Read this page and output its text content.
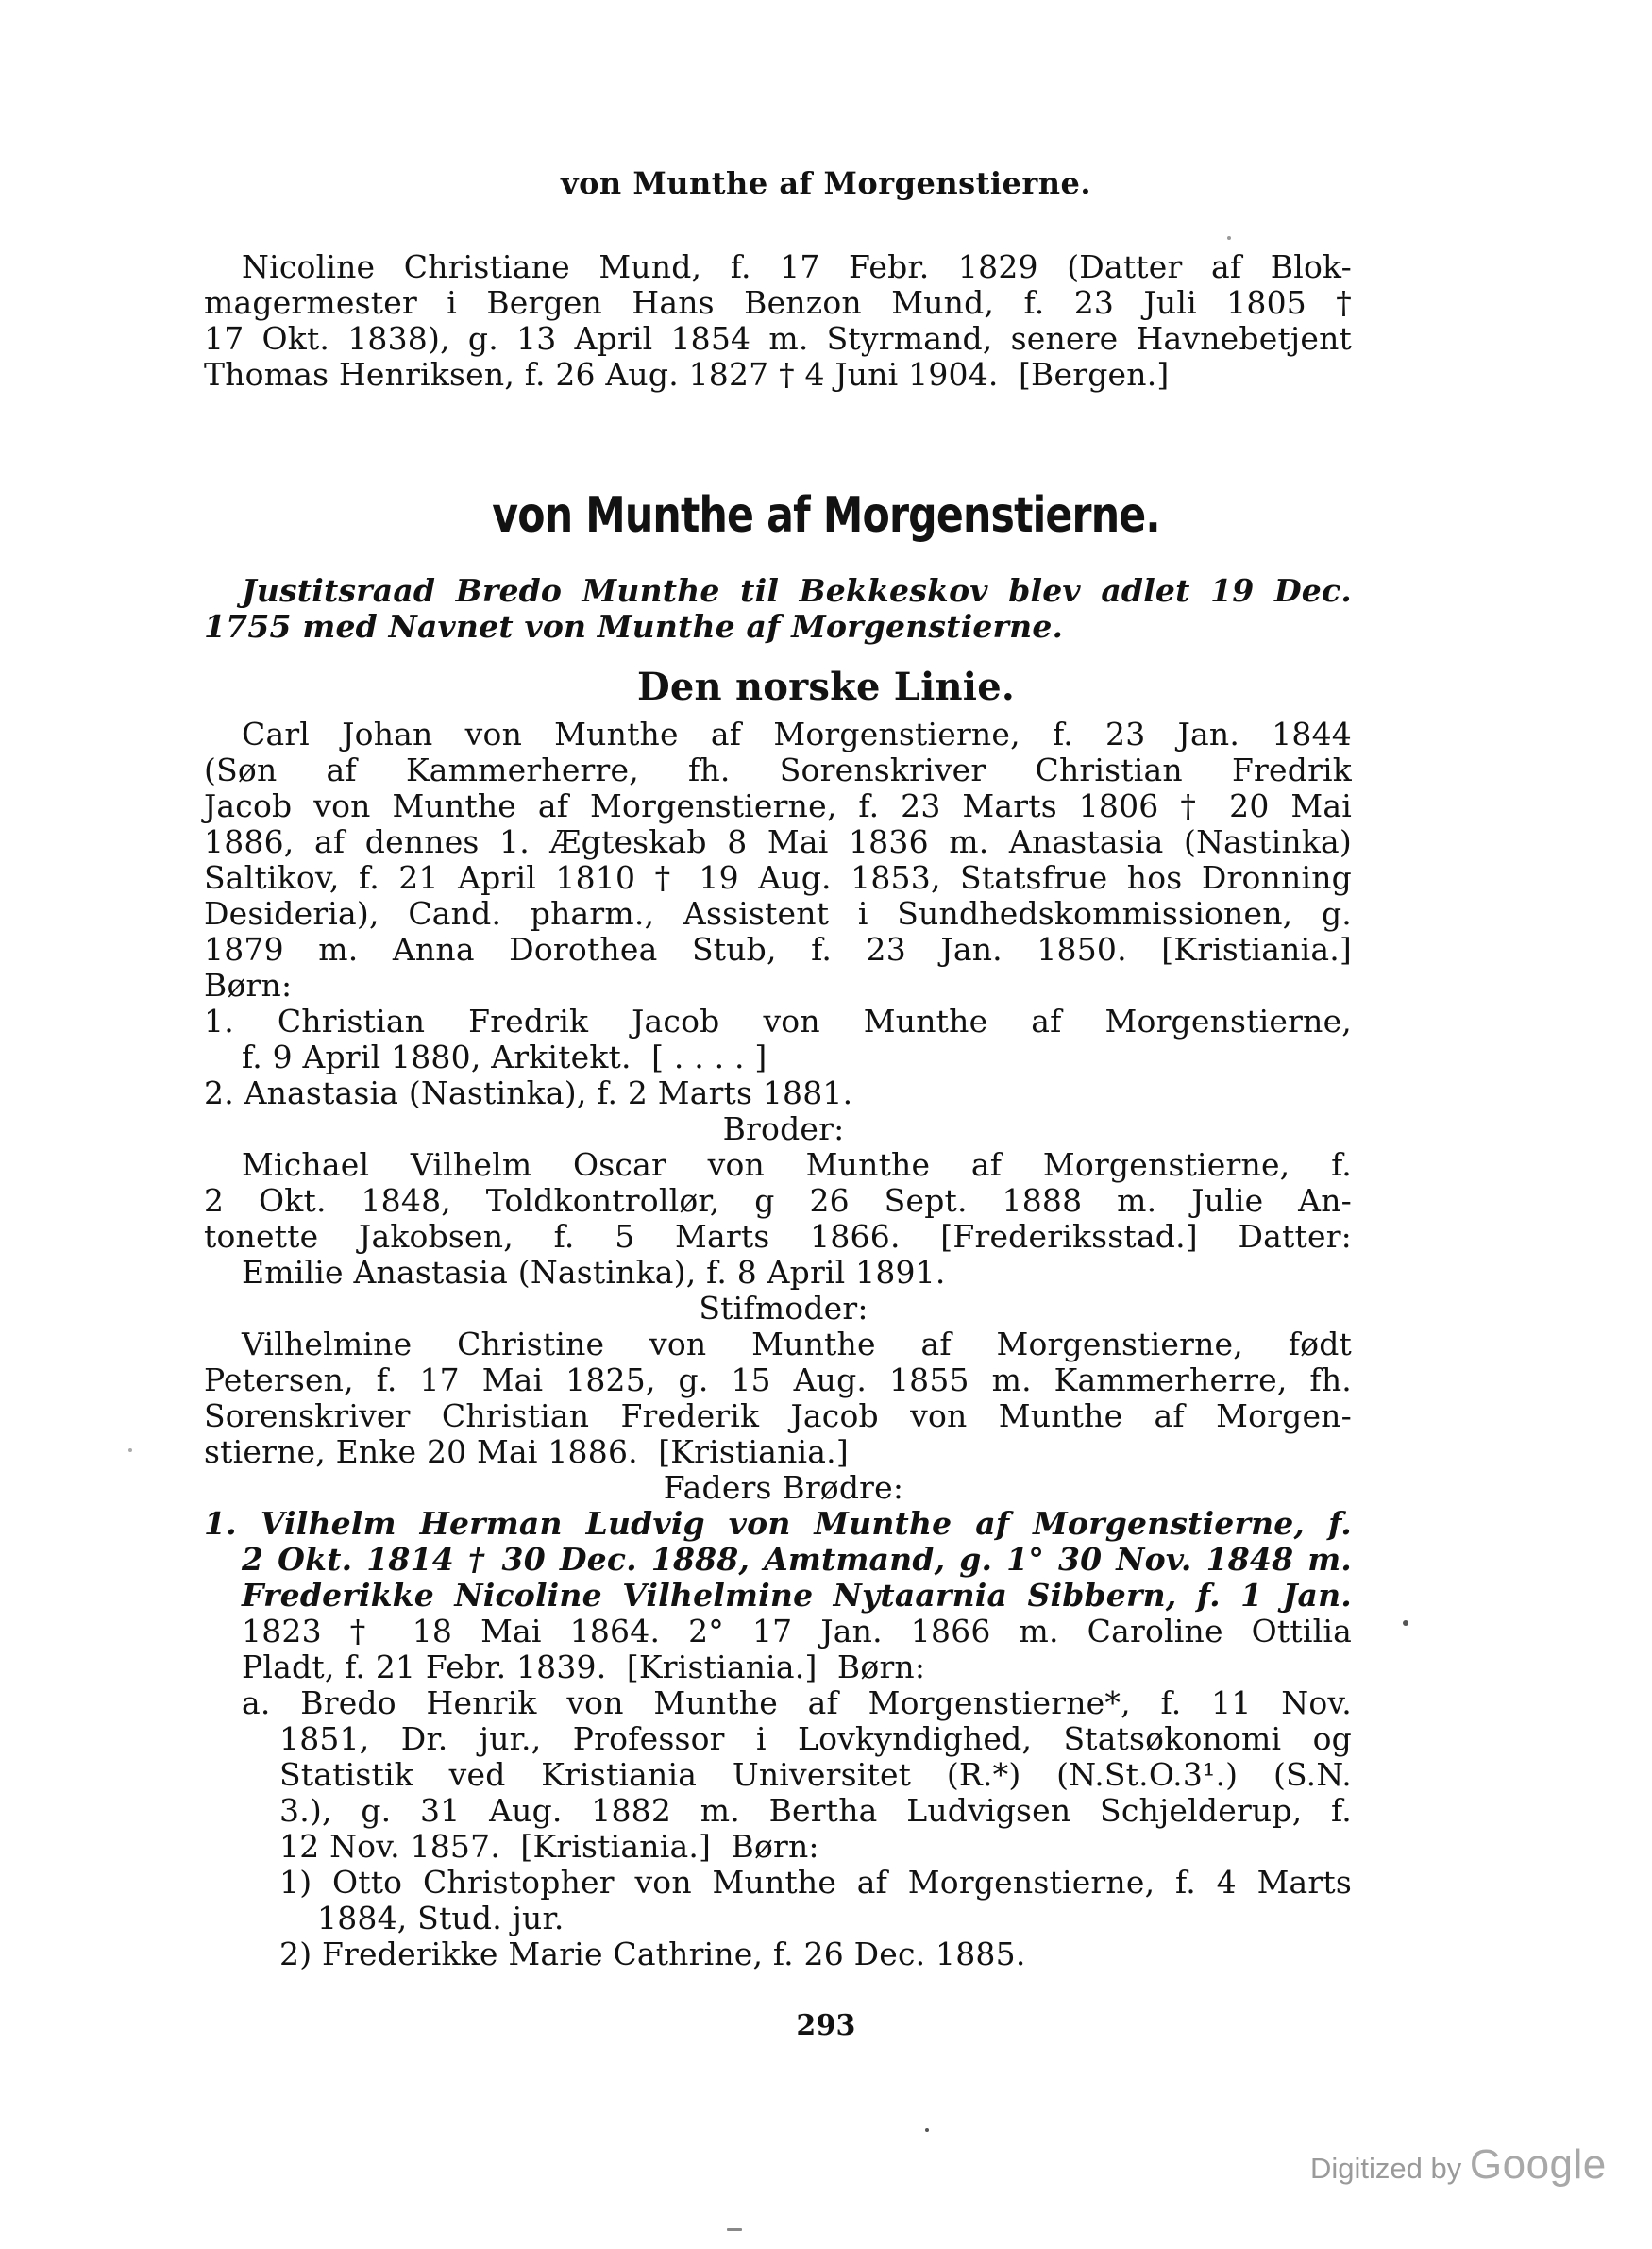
von Munthe af Morgenstierne.
Nicoline Christiane Mund, f. 17 Febr. 1829 (Datter af Blok-
magermester i Bergen Hans Benzon Mund, f. 23 Juli 1805 †
17 Okt. 1838), g. 13 April 1854 m. Styrmand, senere Havnebetjent
Thomas Henriksen, f. 26 Aug. 1827 † 4 Juni 1904.  [Bergen.]
von Munthe af Morgenstierne.
Justitsraad Bredo Munthe til Bekkeskov blev adlet 19 Dec.
1755 med Navnet von Munthe af Morgenstierne.
Den norske Linie.
Carl Johan von Munthe af Morgenstierne, f. 23 Jan. 1844
(Søn af Kammerherre, fh. Sorenskriver Christian Fredrik
Jacob von Munthe af Morgenstierne, f. 23 Marts 1806 † 20 Mai
1886, af dennes 1. Ægteskab 8 Mai 1836 m. Anastasia (Nastinka)
Saltikov, f. 21 April 1810 † 19 Aug. 1853, Statsfrue hos Dronning
Desideria), Cand. pharm., Assistent i Sundhedskommissionen, g.
1879 m. Anna Dorothea Stub, f. 23 Jan. 1850. [Kristiania.]
Børn:
1. Christian Fredrik Jacob von Munthe af Morgenstierne,
f. 9 April 1880, Arkitekt.  [ . . . . ]
2. Anastasia (Nastinka), f. 2 Marts 1881.
Broder:
Michael Vilhelm Oscar von Munthe af Morgenstierne, f.
2 Okt. 1848, Toldkontrollør, g 26 Sept. 1888 m. Julie An-
tonette Jakobsen, f. 5 Marts 1866. [Frederiksstad.] Datter:
Emilie Anastasia (Nastinka), f. 8 April 1891.
Stifmoder:
Vilhelmine Christine von Munthe af Morgenstierne, født
Petersen, f. 17 Mai 1825, g. 15 Aug. 1855 m. Kammerherre, fh.
Sorenskriver Christian Frederik Jacob von Munthe af Morgen-
stierne, Enke 20 Mai 1886.  [Kristiania.]
Faders Brødre:
1. Vilhelm Herman Ludvig von Munthe af Morgenstierne, f.
2 Okt. 1814 † 30 Dec. 1888, Amtmand, g. 1° 30 Nov. 1848 m.
Frederikke Nicoline Vilhelmine Nytaarnia Sibbern, f. 1 Jan.
1823 † 18 Mai 1864. 2° 17 Jan. 1866 m. Caroline Ottilia
Pladt, f. 21 Febr. 1839.  [Kristiania.]  Børn:
a. Bredo Henrik von Munthe af Morgenstierne*, f. 11 Nov.
1851, Dr. jur., Professor i Lovkyndighed, Statsøkonomi og
Statistik ved Kristiania Universitet (R.*) (N.St.O.3¹.) (S.N.
3.), g. 31 Aug. 1882 m. Bertha Ludvigsen Schjelderup, f.
12 Nov. 1857.  [Kristiania.]  Børn:
1) Otto Christopher von Munthe af Morgenstierne, f. 4 Marts
1884, Stud. jur.
2) Frederikke Marie Cathrine, f. 26 Dec. 1885.
293
Digitized by Google
